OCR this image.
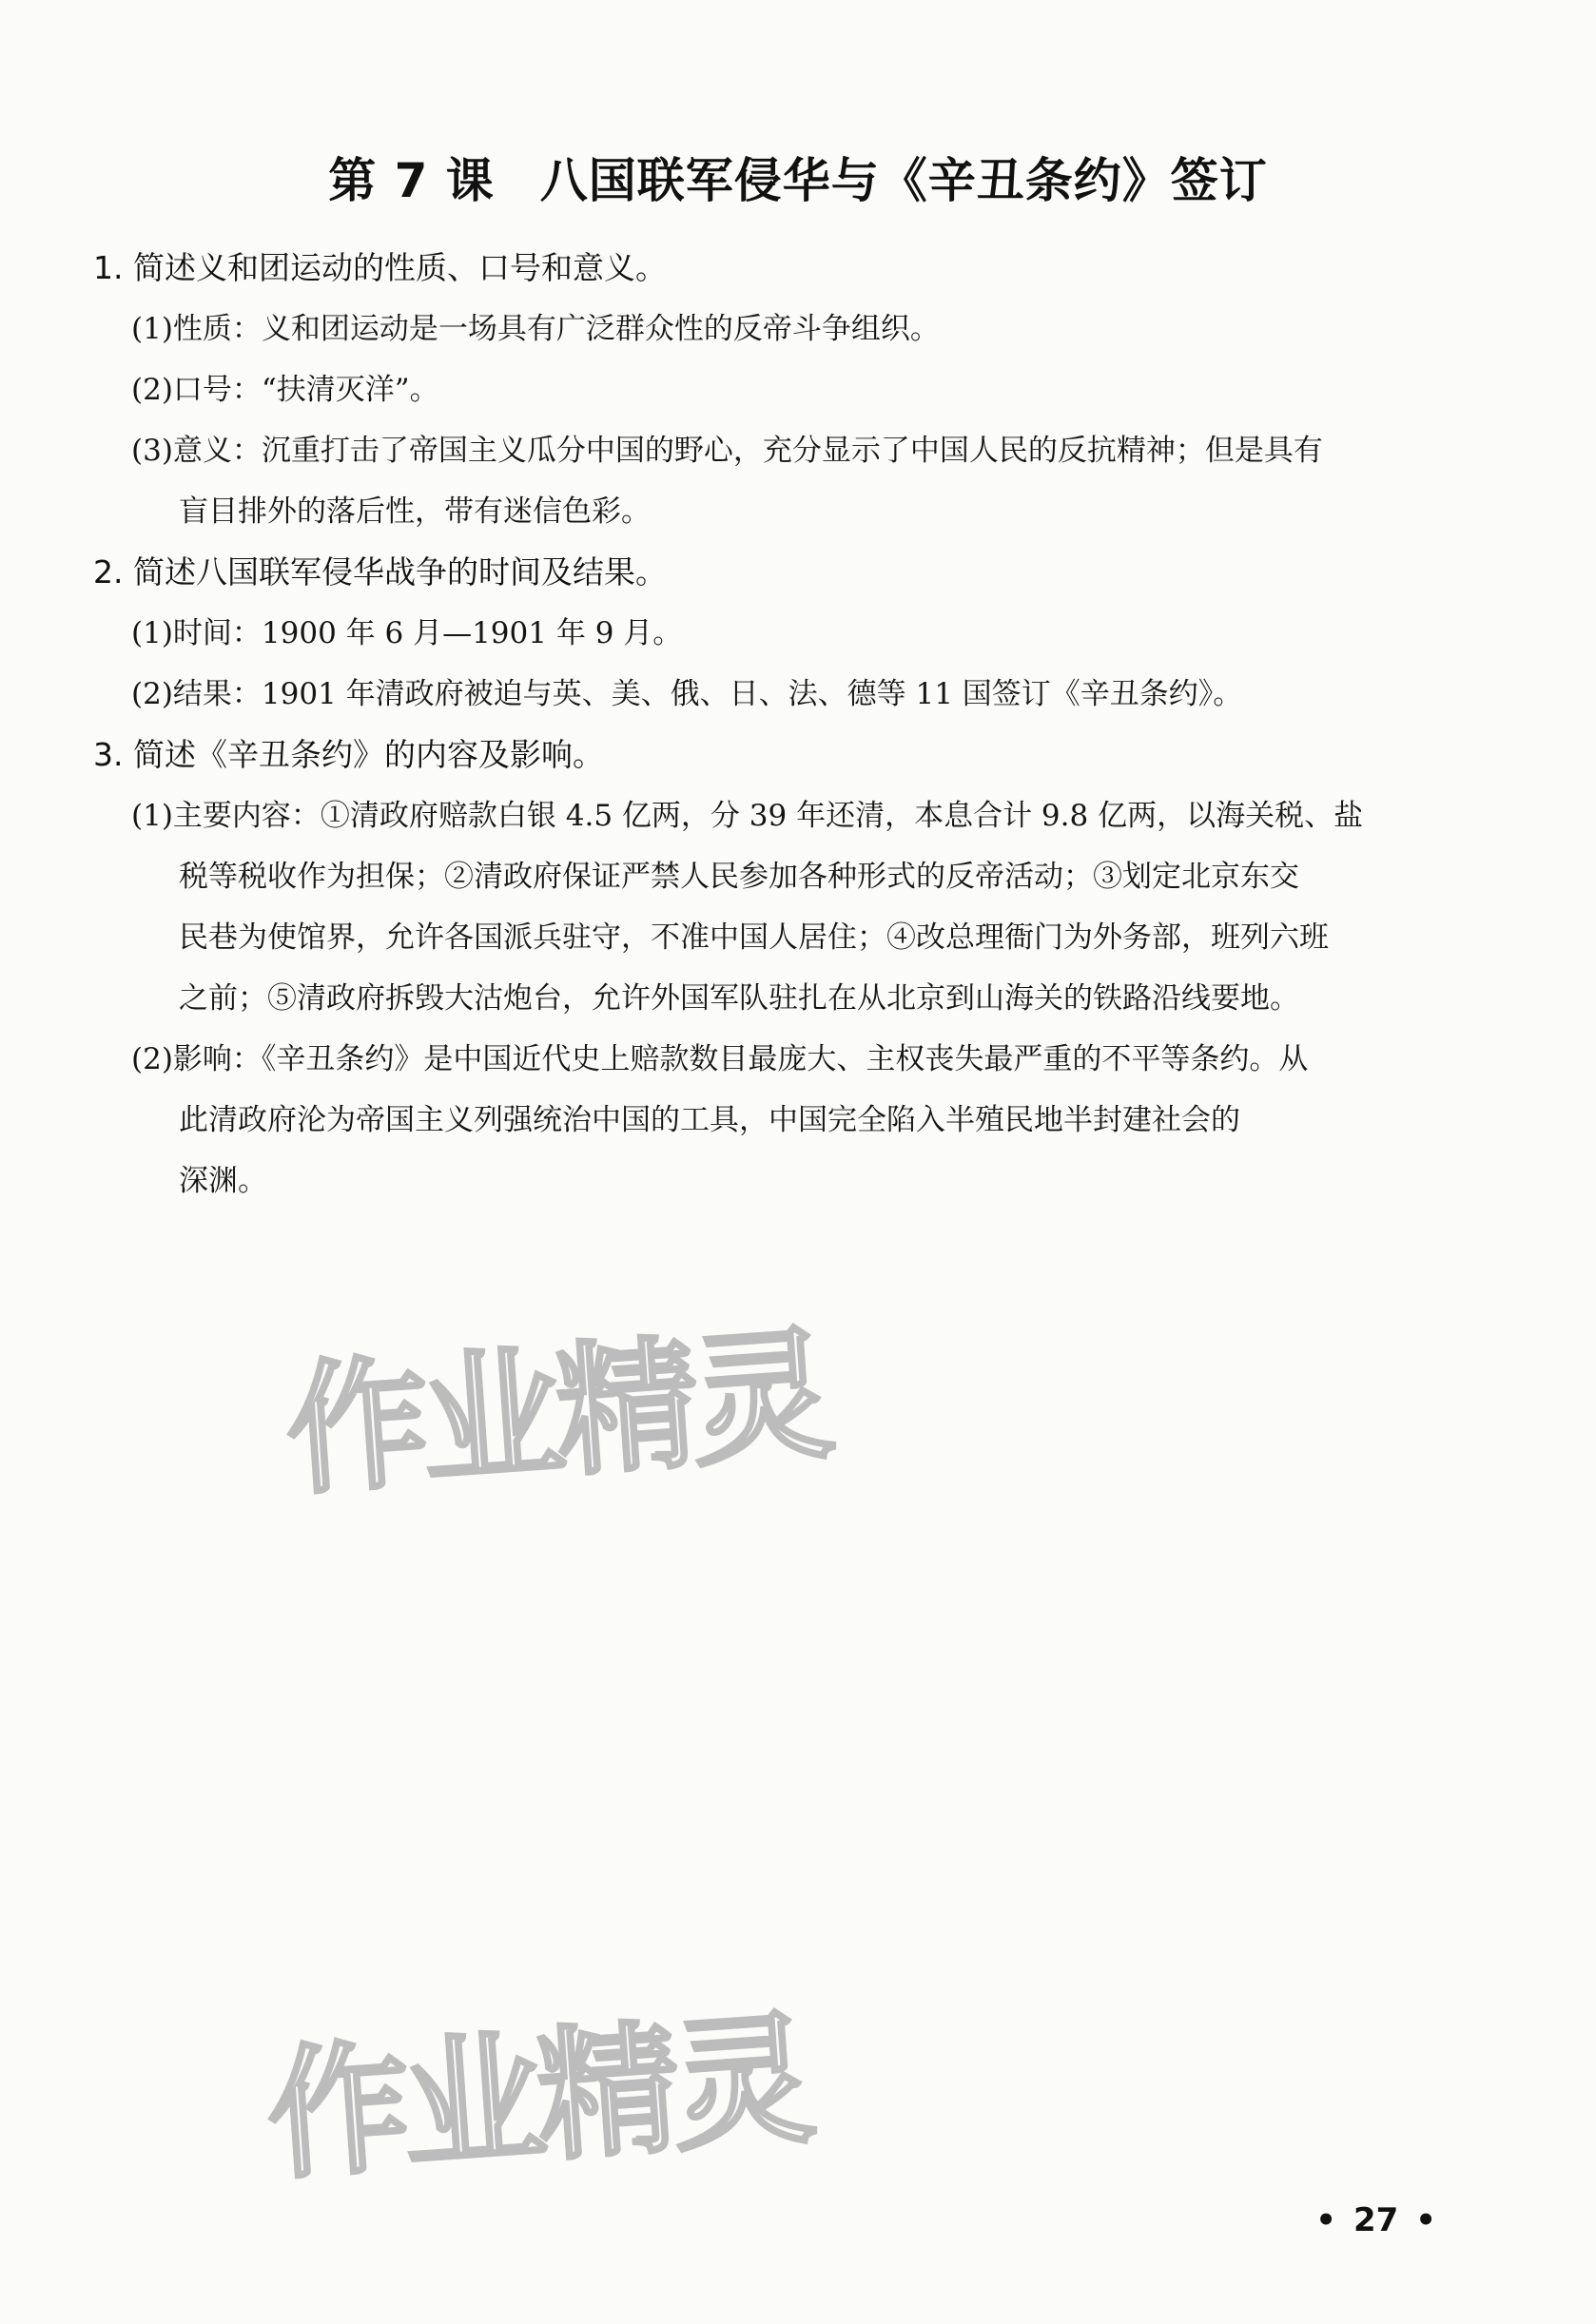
第 7 课 八国联军侵华与《辛丑条约》签订

1. 简述义和团运动的性质、口号和意义。

(1)性质：义和团运动是一场具有广泛群众性的反帝斗争组织。
(2)口号：“扶清灭洋”。
(3)意义：沉重打击了帝国主义瓜分中国的野心，充分显示了中国人民的反抗精神；但是具有
盲目排外的落后性，带有迷信色彩。

2. 简述八国联军侵华战争的时间及结果。

(1)时间：1900 年 6 月—1901 年 9 月。
(2)结果：1901 年清政府被迫与英、美、俄、日、法、德等 11 国签订《辛丑条约》。

3. 简述《辛丑条约》的内容及影响。

(1)主要内容：①清政府赔款白银 4.5 亿两，分 39 年还清，本息合计 9.8 亿两，以海关税、盐
税等税收作为担保；②清政府保证严禁人民参加各种形式的反帝活动；③划定北京东交
民巷为使馆界，允许各国派兵驻守，不准中国人居住；④改总理衙门为外务部，班列六班
之前；⑤清政府拆毁大沽炮台，允许外国军队驻扎在从北京到山海关的铁路沿线要地。
(2)影响：《辛丑条约》是中国近代史上赔款数目最庞大、主权丧失最严重的不平等条约。从
此清政府沦为帝国主义列强统治中国的工具，中国完全陷入半殖民地半封建社会的
深渊。
作业精灵
作业精灵
• 27 •
